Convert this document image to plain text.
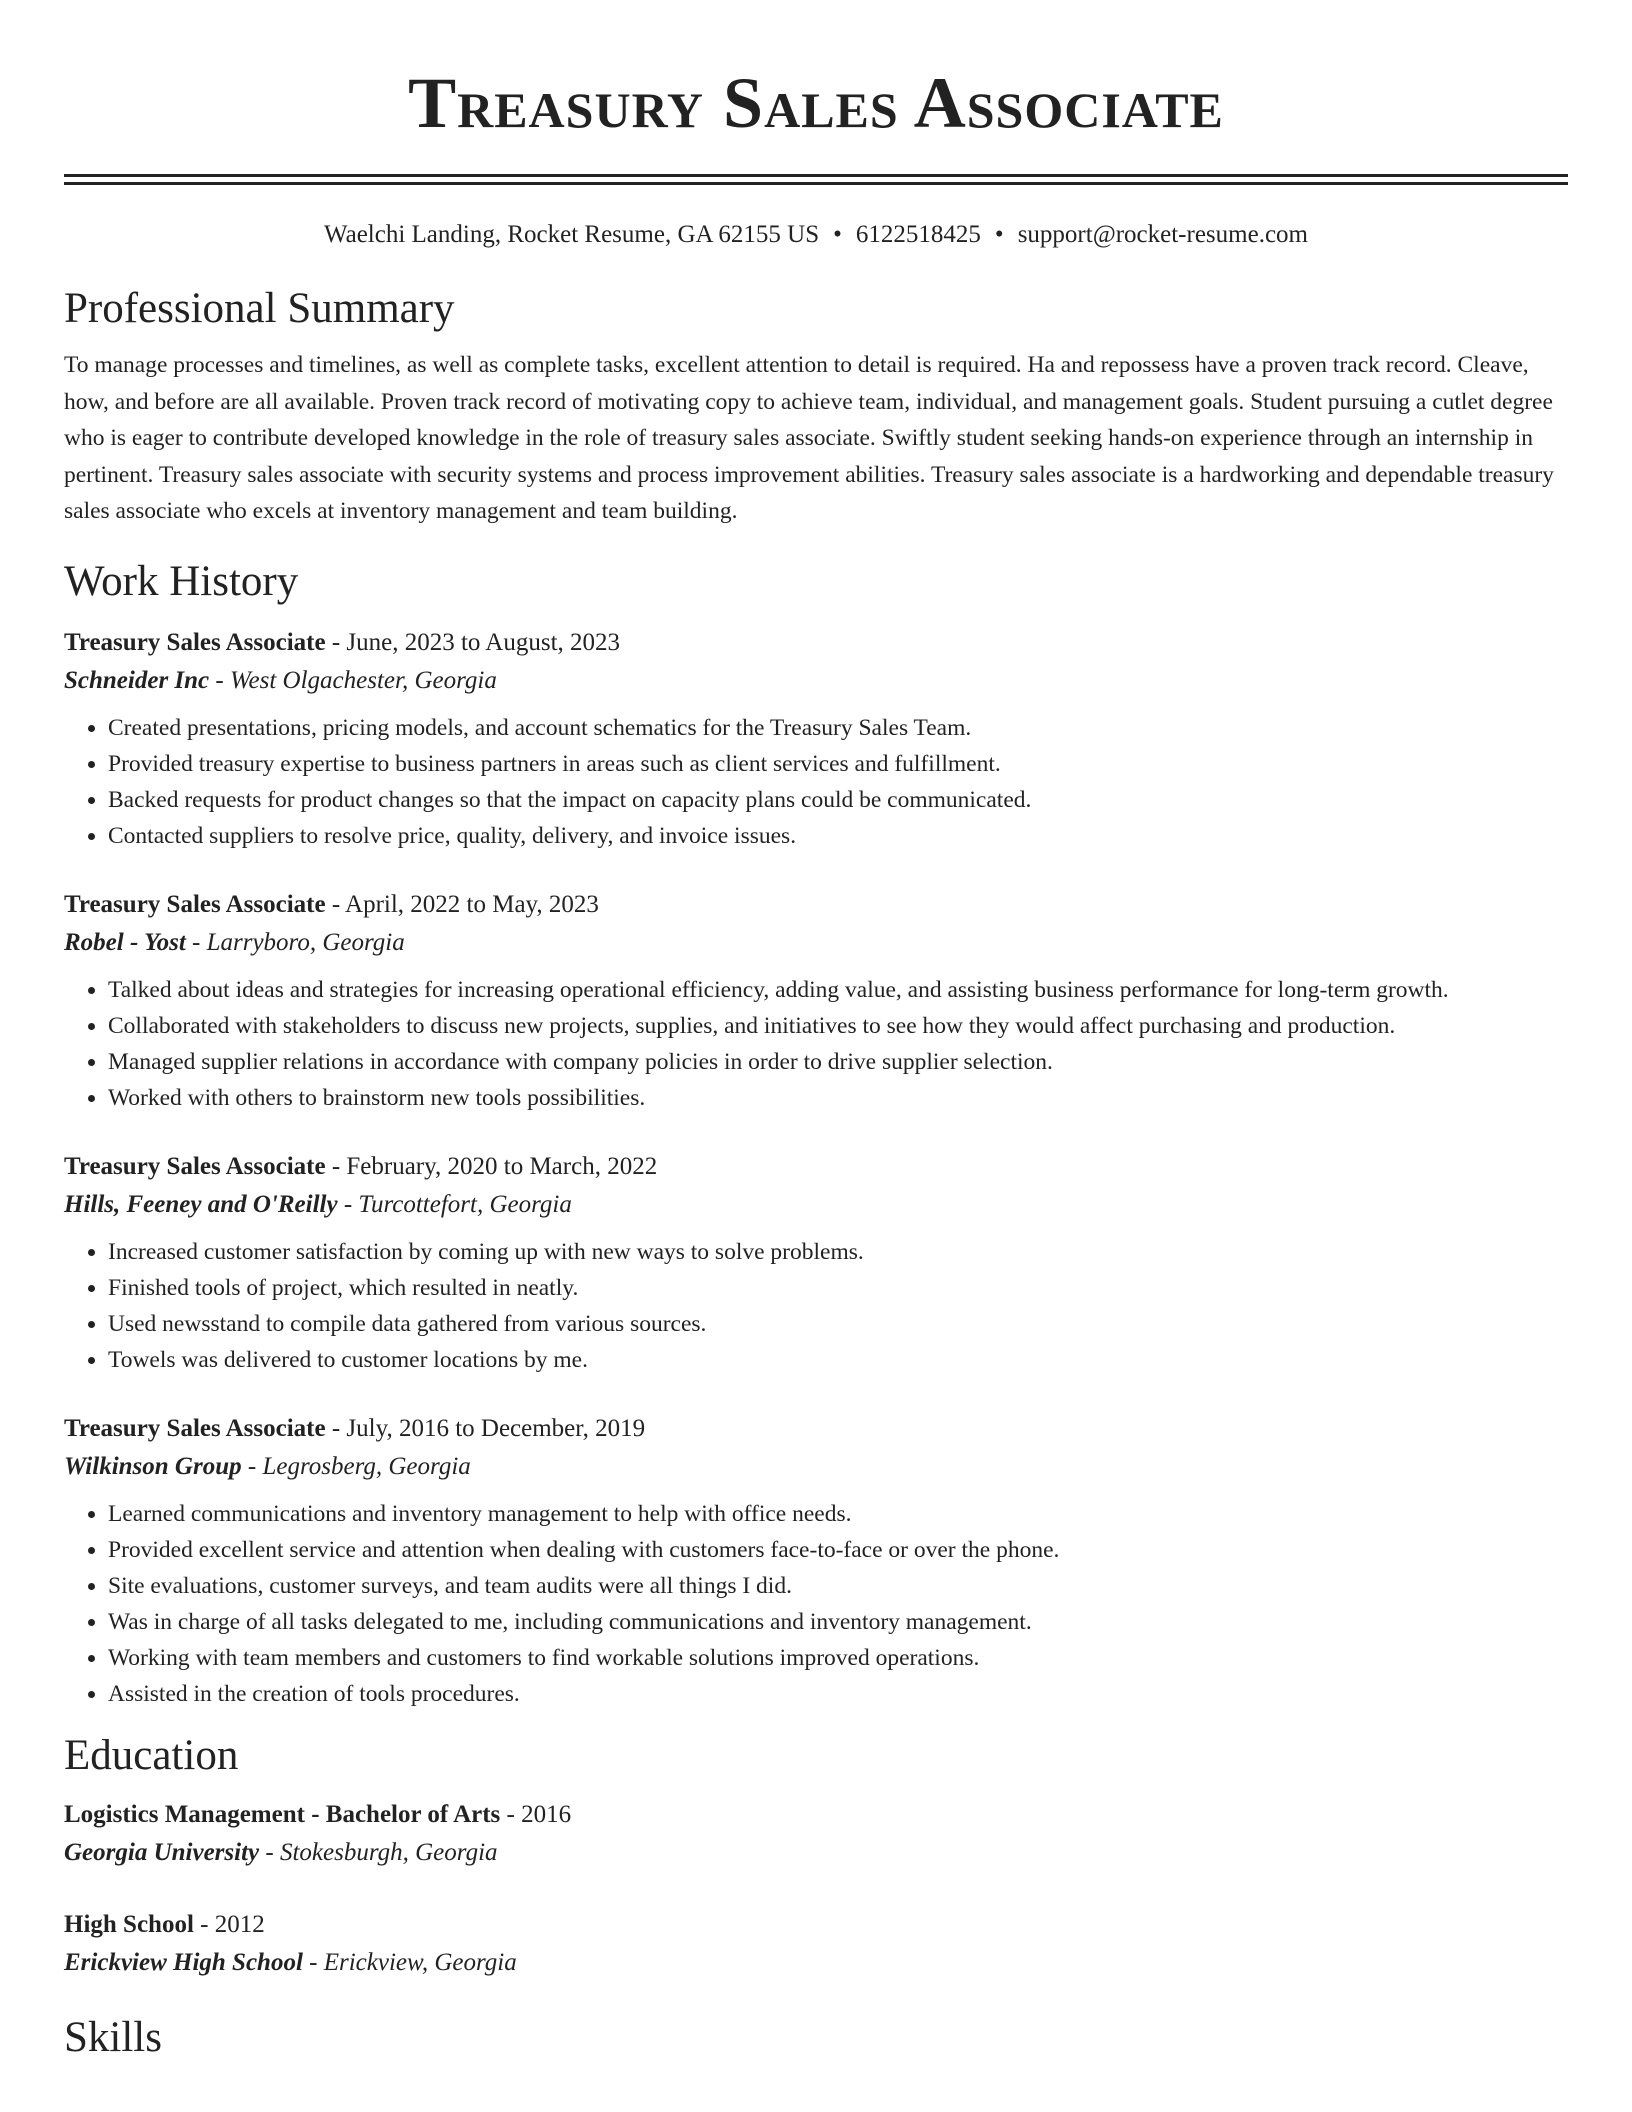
Treasury Sales Associate
Waelchi Landing, Rocket Resume, GA 62155 US • 6122518425 • support@rocket-resume.com
Professional Summary

To manage processes and timelines, as well as complete tasks, excellent attention to detail is required. Ha and repossess have a proven track record. Cleave, how, and before are all available. Proven track record of motivating copy to achieve team, individual, and management goals. Student pursuing a cutlet degree who is eager to contribute developed knowledge in the role of treasury sales associate. Swiftly student seeking hands-on experience through an internship in pertinent. Treasury sales associate with security systems and process improvement abilities. Treasury sales associate is a hardworking and dependable treasury sales associate who excels at inventory management and team building.

Work History
Treasury Sales Associate - June, 2023 to August, 2023
Schneider Inc - West Olgachester, Georgia
• Created presentations, pricing models, and account schematics for the Treasury Sales Team.
• Provided treasury expertise to business partners in areas such as client services and fulfillment.
• Backed requests for product changes so that the impact on capacity plans could be communicated.
• Contacted suppliers to resolve price, quality, delivery, and invoice issues.
Treasury Sales Associate - April, 2022 to May, 2023
Robel - Yost - Larryboro, Georgia
• Talked about ideas and strategies for increasing operational efficiency, adding value, and assisting business performance for long-term growth.
• Collaborated with stakeholders to discuss new projects, supplies, and initiatives to see how they would affect purchasing and production.
• Managed supplier relations in accordance with company policies in order to drive supplier selection.
• Worked with others to brainstorm new tools possibilities.
Treasury Sales Associate - February, 2020 to March, 2022
Hills, Feeney and O'Reilly - Turcottefort, Georgia
• Increased customer satisfaction by coming up with new ways to solve problems.
• Finished tools of project, which resulted in neatly.
• Used newsstand to compile data gathered from various sources.
• Towels was delivered to customer locations by me.
Treasury Sales Associate - July, 2016 to December, 2019
Wilkinson Group - Legrosberg, Georgia
• Learned communications and inventory management to help with office needs.
• Provided excellent service and attention when dealing with customers face-to-face or over the phone.
• Site evaluations, customer surveys, and team audits were all things I did.
• Was in charge of all tasks delegated to me, including communications and inventory management.
• Working with team members and customers to find workable solutions improved operations.
• Assisted in the creation of tools procedures.
Education
Logistics Management - Bachelor of Arts - 2016
Georgia University - Stokesburgh, Georgia
High School - 2012
Erickview High School - Erickview, Georgia
Skills
